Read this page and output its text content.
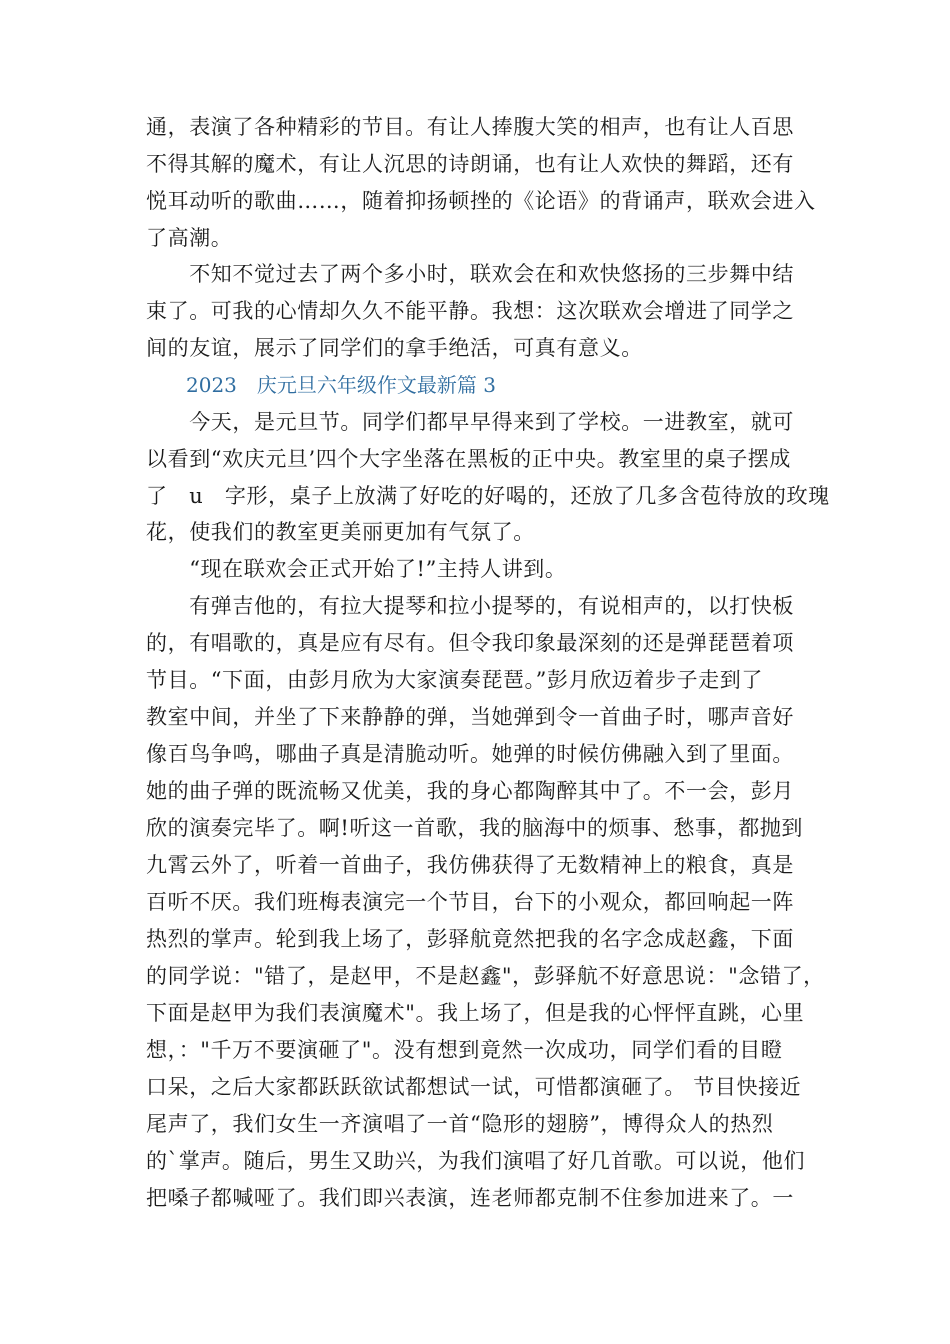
通，表演了各种精彩的节目。有让人捧腹大笑的相声，也有让人百思
不得其解的魔术，有让人沉思的诗朗诵，也有让人欢快的舞蹈，还有
悦耳动听的歌曲……，随着抑扬顿挫的《论语》的背诵声，联欢会进入
了高潮。
　　不知不觉过去了两个多小时，联欢会在和欢快悠扬的三步舞中结
束了。可我的心情却久久不能平静。我想：这次联欢会增进了同学之
间的友谊，展示了同学们的拿手绝活，可真有意义。
2023　庆元旦六年级作文最新篇 3
　　今天，是元旦节。同学们都早早得来到了学校。一进教室，就可
以看到“欢庆元旦’四个大字坐落在黑板的正中央。教室里的桌子摆成
了　u　字形，桌子上放满了好吃的好喝的，还放了几多含苞待放的玫瑰
花，使我们的教室更美丽更加有气氛了。
　　“现在联欢会正式开始了!”主持人讲到。
　　有弹吉他的，有拉大提琴和拉小提琴的，有说相声的，以打快板
的，有唱歌的，真是应有尽有。但令我印象最深刻的还是弹琵琶着项
节目。“下面，由彭月欣为大家演奏琵琶。”彭月欣迈着步子走到了
教室中间，并坐了下来静静的弹，当她弹到令一首曲子时，哪声音好
像百鸟争鸣，哪曲子真是清脆动听。她弹的时候仿佛融入到了里面。
她的曲子弹的既流畅又优美，我的身心都陶醉其中了。不一会，彭月
欣的演奏完毕了。啊!听这一首歌，我的脑海中的烦事、愁事，都抛到
九霄云外了，听着一首曲子，我仿佛获得了无数精神上的粮食，真是
百听不厌。我们班梅表演完一个节目，台下的小观众，都回响起一阵
热烈的掌声。轮到我上场了，彭驿航竟然把我的名字念成赵鑫，下面
的同学说："错了，是赵甲，不是赵鑫"，彭驿航不好意思说："念错了，
下面是赵甲为我们表演魔术"。我上场了，但是我的心怦怦直跳，心里
想，："千万不要演砸了"。没有想到竟然一次成功，同学们看的目瞪
口呆，之后大家都跃跃欲试都想试一试，可惜都演砸了。 节目快接近
尾声了，我们女生一齐演唱了一首“隐形的翅膀”，博得众人的热烈
的`掌声。随后，男生又助兴，为我们演唱了好几首歌。可以说，他们
把嗓子都喊哑了。我们即兴表演，连老师都克制不住参加进来了。一
